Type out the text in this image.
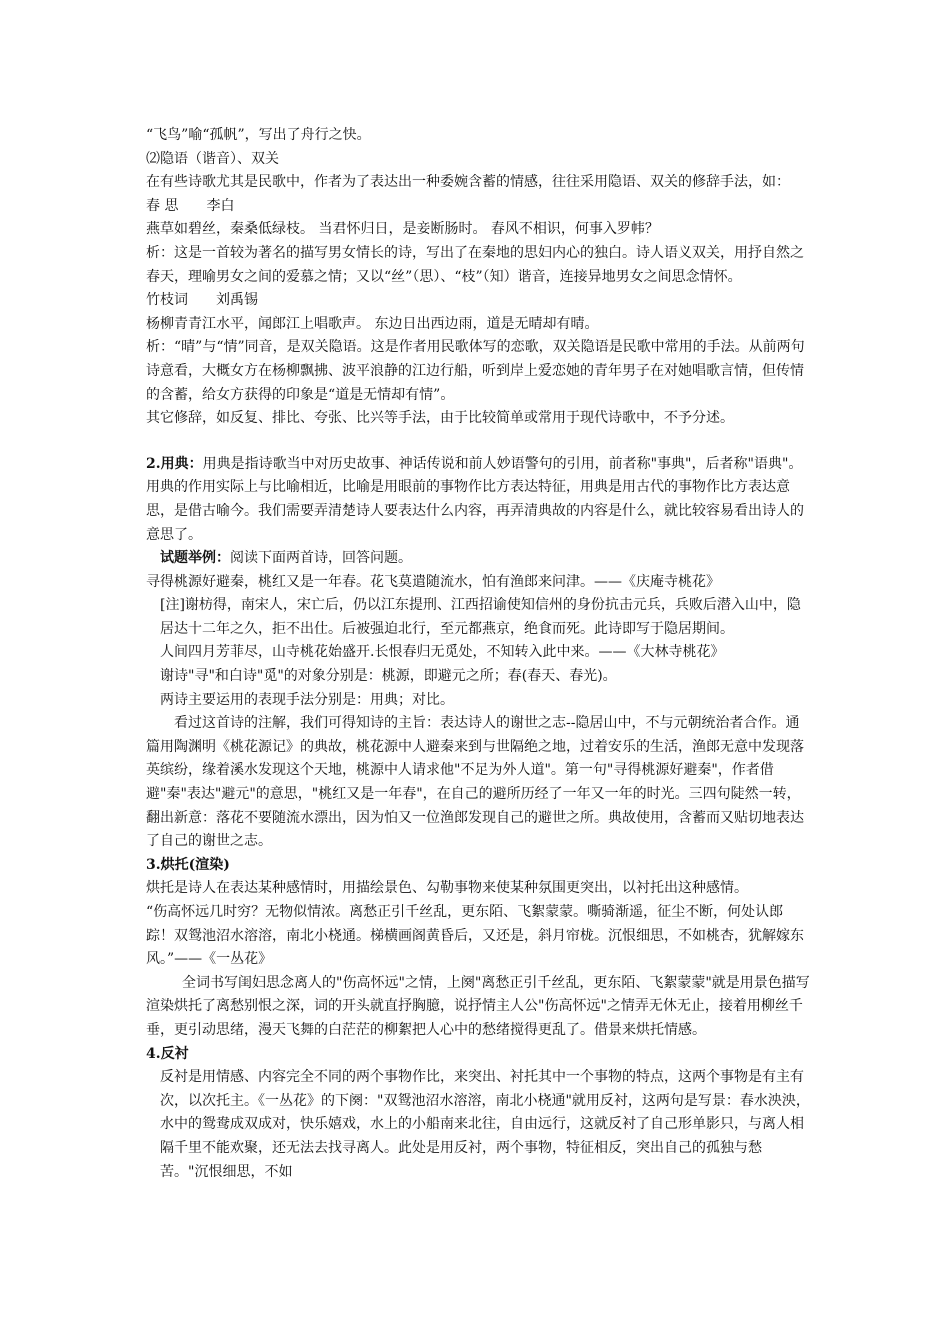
“飞鸟”喻“孤帆”，写出了舟行之快。

⑵隐语（谐音）、双关

在有些诗歌尤其是民歌中，作者为了表达出一种委婉含蓄的情感，往往采用隐语、双关的修辞手法，如：

春 思 李白

燕草如碧丝，秦桑低绿枝。 当君怀归日，是妾断肠时。 春风不相识，何事入罗帏？

析：这是一首较为著名的描写男女情长的诗，写出了在秦地的思妇内心的独白。诗人语义双关，用抒自然之春天，理喻男女之间的爱慕之情；又以“丝”（思）、“枝”（知）谐音，连接异地男女之间思念情怀。

竹枝词 刘禹锡

杨柳青青江水平，闻郎江上唱歌声。 东边日出西边雨，道是无晴却有晴。

析：“晴”与“情”同音，是双关隐语。这是作者用民歌体写的恋歌，双关隐语是民歌中常用的手法。从前两句诗意看，大概女方在杨柳飘拂、波平浪静的江边行船，听到岸上爱恋她的青年男子在对她唱歌言情，但传情的含蓄，给女方获得的印象是“道是无情却有情”。

其它修辞，如反复、排比、夸张、比兴等手法，由于比较简单或常用于现代诗歌中，不予分述。

2.用典：用典是指诗歌当中对历史故事、神话传说和前人妙语警句的引用，前者称"事典"，后者称"语典"。用典的作用实际上与比喻相近，比喻是用眼前的事物作比方表达特征，用典是用古代的事物作比方表达意思，是借古喻今。我们需要弄清楚诗人要表达什么内容，再弄清典故的内容是什么，就比较容易看出诗人的意思了。

试题举例：阅读下面两首诗，回答问题。

寻得桃源好避秦，桃红又是一年春。花飞莫遣随流水，怕有渔郎来问津。——《庆庵寺桃花》

[注]谢枋得，南宋人，宋亡后，仍以江东提刑、江西招谕使知信州的身份抗击元兵，兵败后潜入山中，隐居达十二年之久，拒不出仕。后被强迫北行，至元都燕京，绝食而死。此诗即写于隐居期间。

人间四月芳菲尽，山寺桃花始盛开.长恨春归无觅处，不知转入此中来。——《大林寺桃花》

谢诗"寻"和白诗"觅"的对象分别是：桃源，即避元之所；春(春天、春光)。

两诗主要运用的表现手法分别是：用典；对比。

看过这首诗的注解，我们可得知诗的主旨：表达诗人的谢世之志--隐居山中，不与元朝统治者合作。通篇用陶渊明《桃花源记》的典故，桃花源中人避秦来到与世隔绝之地，过着安乐的生活，渔郎无意中发现落英缤纷，缘着溪水发现这个天地，桃源中人请求他"不足为外人道"。第一句"寻得桃源好避秦"，作者借避"秦"表达"避元"的意思，"桃红又是一年春"，在自己的避所历经了一年又一年的时光。三四句陡然一转，翻出新意：落花不要随流水漂出，因为怕又一位渔郎发现自己的避世之所。典故使用，含蓄而又贴切地表达了自己的谢世之志。

3.烘托(渲染)

烘托是诗人在表达某种感情时，用描绘景色、勾勒事物来使某种氛围更突出，以衬托出这种感情。

“伤高怀远几时穷？无物似情浓。离愁正引千丝乱，更东陌、飞絮蒙蒙。嘶骑渐遥，征尘不断，何处认郎踪！双鸳池沼水溶溶，南北小桡通。梯横画阁黄昏后，又还是，斜月帘栊。沉恨细思，不如桃杏，犹解嫁东风。”——《一丛花》

全词书写闺妇思念离人的"伤高怀远"之情，上阕"离愁正引千丝乱，更东陌、飞絮蒙蒙"就是用景色描写渲染烘托了离愁别恨之深，词的开头就直抒胸臆，说抒情主人公"伤高怀远"之情弄无休无止，接着用柳丝千垂，更引动思绪，漫天飞舞的白茫茫的柳絮把人心中的愁绪搅得更乱了。借景来烘托情感。

4.反衬

反衬是用情感、内容完全不同的两个事物作比，来突出、衬托其中一个事物的特点，这两个事物是有主有次，以次托主。《一丛花》的下阕："双鸳池沼水溶溶，南北小桡通"就用反衬，这两句是写景：春水泱泱，水中的鸳鸯成双成对，快乐嬉戏，水上的小船南来北往，自由远行，这就反衬了自己形单影只，与离人相隔千里不能欢聚，还无法去找寻离人。此处是用反衬，两个事物，特征相反，突出自己的孤独与愁苦。"沉恨细思，不如
